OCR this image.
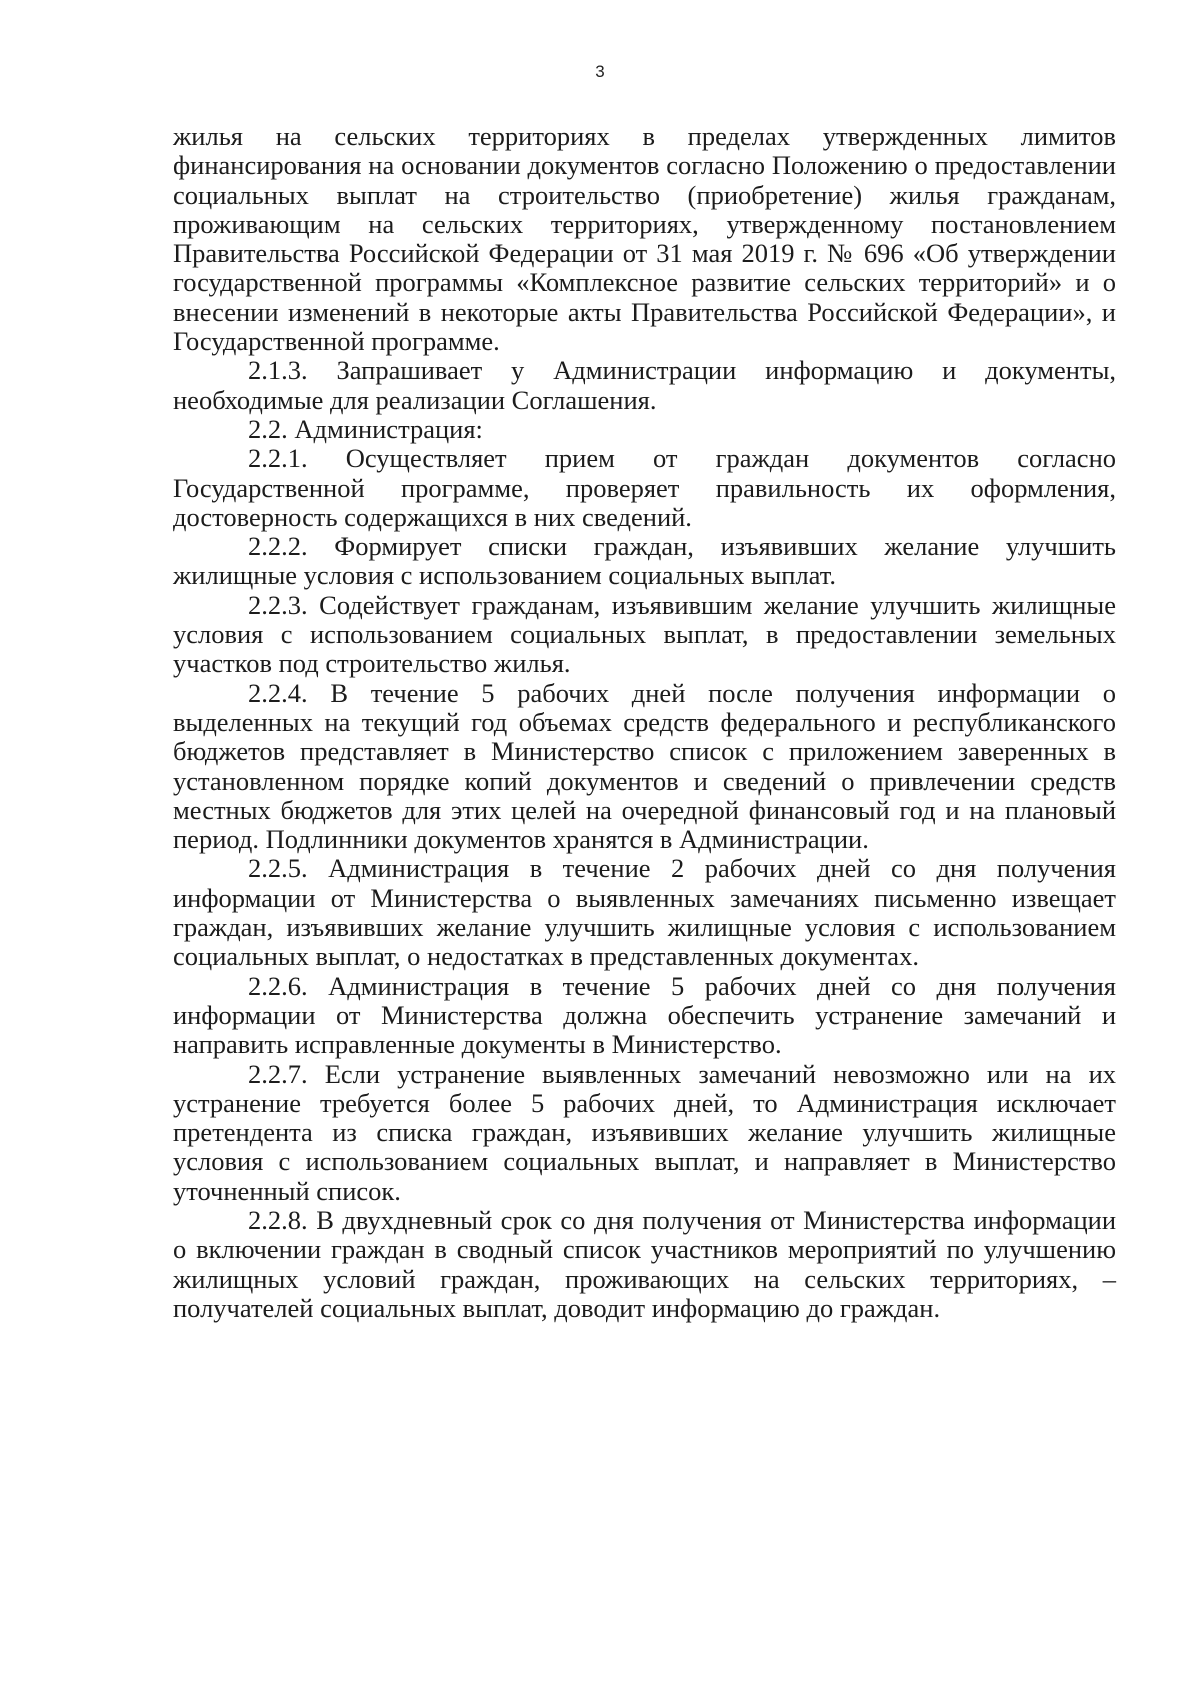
3

жилья на сельских территориях в пределах утвержденных лимитов финансирования на основании документов согласно Положению о предоставлении социальных выплат на строительство (приобретение) жилья гражданам, проживающим на сельских территориях, утвержденному постановлением Правительства Российской Федерации от 31 мая 2019 г. № 696 «Об утверждении государственной программы «Комплексное развитие сельских территорий» и о внесении изменений в некоторые акты Правительства Российской Федерации», и Государственной программе.

2.1.3. Запрашивает у Администрации информацию и документы, необходимые для реализации Соглашения.

2.2. Администрация:

2.2.1. Осуществляет прием от граждан документов согласно Государственной программе, проверяет правильность их оформления, достоверность содержащихся в них сведений.

2.2.2. Формирует списки граждан, изъявивших желание улучшить жилищные условия с использованием социальных выплат.

2.2.3. Содействует гражданам, изъявившим желание улучшить жилищные условия с использованием социальных выплат, в предоставлении земельных участков под строительство жилья.

2.2.4. В течение 5 рабочих дней после получения информации о выделенных на текущий год объемах средств федерального и республиканского бюджетов представляет в Министерство список с приложением заверенных в установленном порядке копий документов и сведений о привлечении средств местных бюджетов для этих целей на очередной финансовый год и на плановый период. Подлинники документов хранятся в Администрации.

2.2.5. Администрация в течение 2 рабочих дней со дня получения информации от Министерства о выявленных замечаниях письменно извещает граждан, изъявивших желание улучшить жилищные условия с использованием социальных выплат, о недостатках в представленных документах.

2.2.6. Администрация в течение 5 рабочих дней со дня получения информации от Министерства должна обеспечить устранение замечаний и направить исправленные документы в Министерство.

2.2.7. Если устранение выявленных замечаний невозможно или на их устранение требуется более 5 рабочих дней, то Администрация исключает претендента из списка граждан, изъявивших желание улучшить жилищные условия с использованием социальных выплат, и направляет в Министерство уточненный список.

2.2.8. В двухдневный срок со дня получения от Министерства информации о включении граждан в сводный список участников мероприятий по улучшению жилищных условий граждан, проживающих на сельских территориях, – получателей социальных выплат, доводит информацию до граждан.
